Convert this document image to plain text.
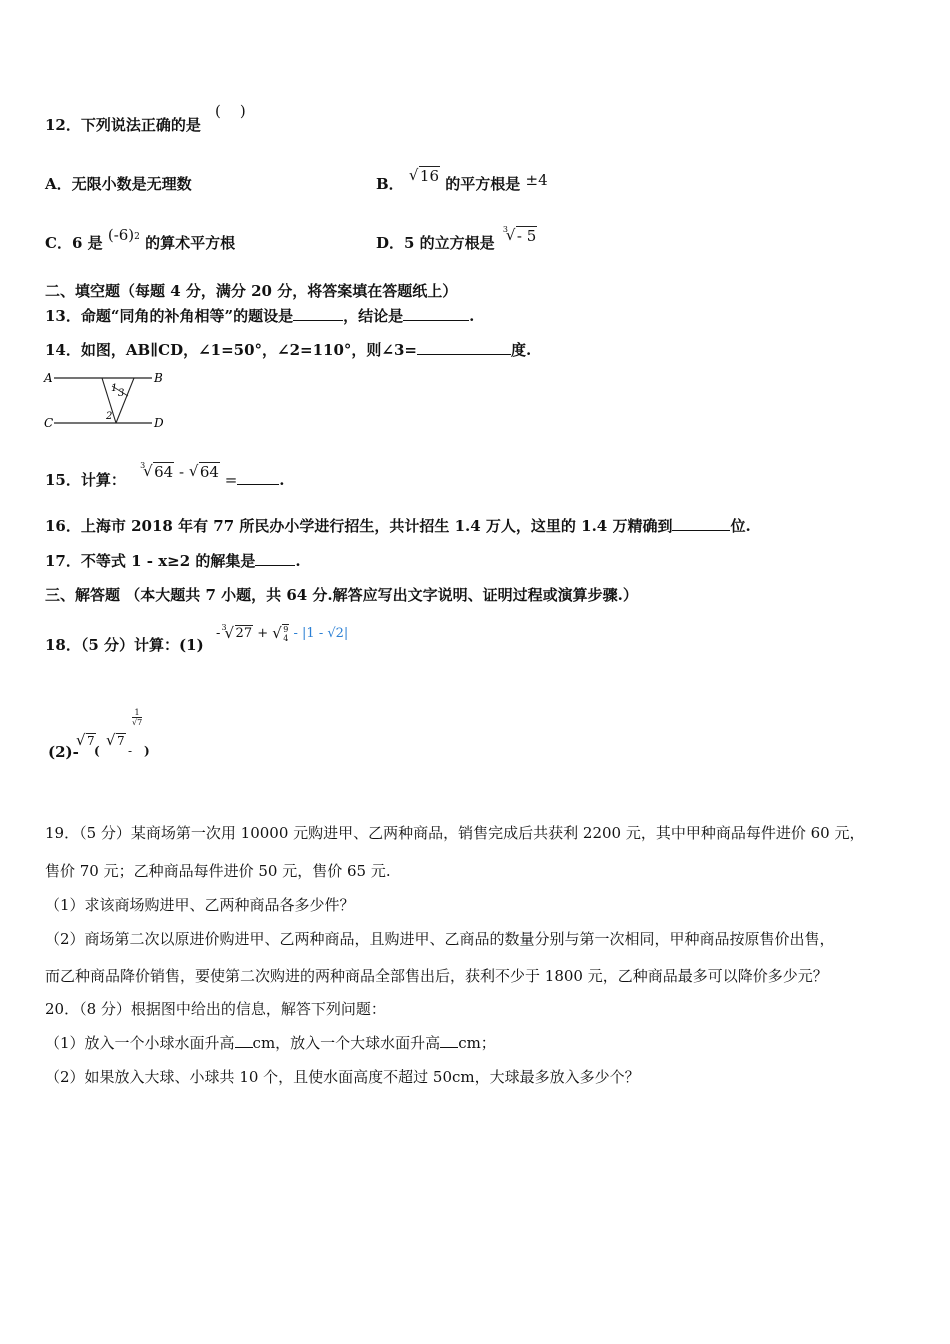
12．下列说法正确的是
(    )
A．无限小数是无理数	B． √ 16 的平方根是 ±4
C．6 是 $(-6)^2$ 的算术平方根	D．5 的立方根是
√ 3 - 5
二、填空题（每题 4 分，满分 20 分，将答案填在答题纸上）
13．命题“同角的补角相等”的题设是	，结论是	.
14．如图，AB∥CD，∠1=50°，∠2=110°，则∠3=	度.
A	B
C	D
1 3
2
15．计算：
√ 3 64 - √ 64 =	.
16．上海市 2018 年有 77 所民办小学进行招生，共计招生 1.4 万人，这里的 1.4 万精确到	位.
17．不等式 1 - x≥2 的解集是	.
三、解答题 （本大题共 7 小题，共 64 分.解答应写出文字说明、证明过程或演算步骤.）
18．（5 分）计算：(1)
- √ 3 27 + √ 9
4 - |1 - √2|
(2)-
√ 7
(
√ 7
-
1
√7
)
19．（5 分）某商场第一次用 10000 元购进甲、乙两种商品，销售完成后共获利 2200 元，其中甲种商品每件进价 60 元，
售价 70 元；乙种商品每件进价 50 元，售价 65 元.
（1）求该商场购进甲、乙两种商品各多少件？
（2）商场第二次以原进价购进甲、乙两种商品，且购进甲、乙商品的数量分别与第一次相同，甲种商品按原售价出售，
而乙种商品降价销售，要使第二次购进的两种商品全部售出后，获利不少于 1800 元，乙种商品最多可以降价多少元？
20．（8 分）根据图中给出的信息，解答下列问题：
（1）放入一个小球水面升高 cm，放入一个大球水面升高 cm；
（2）如果放入大球、小球共 10 个，且使水面高度不超过 50cm，大球最多放入多少个？
